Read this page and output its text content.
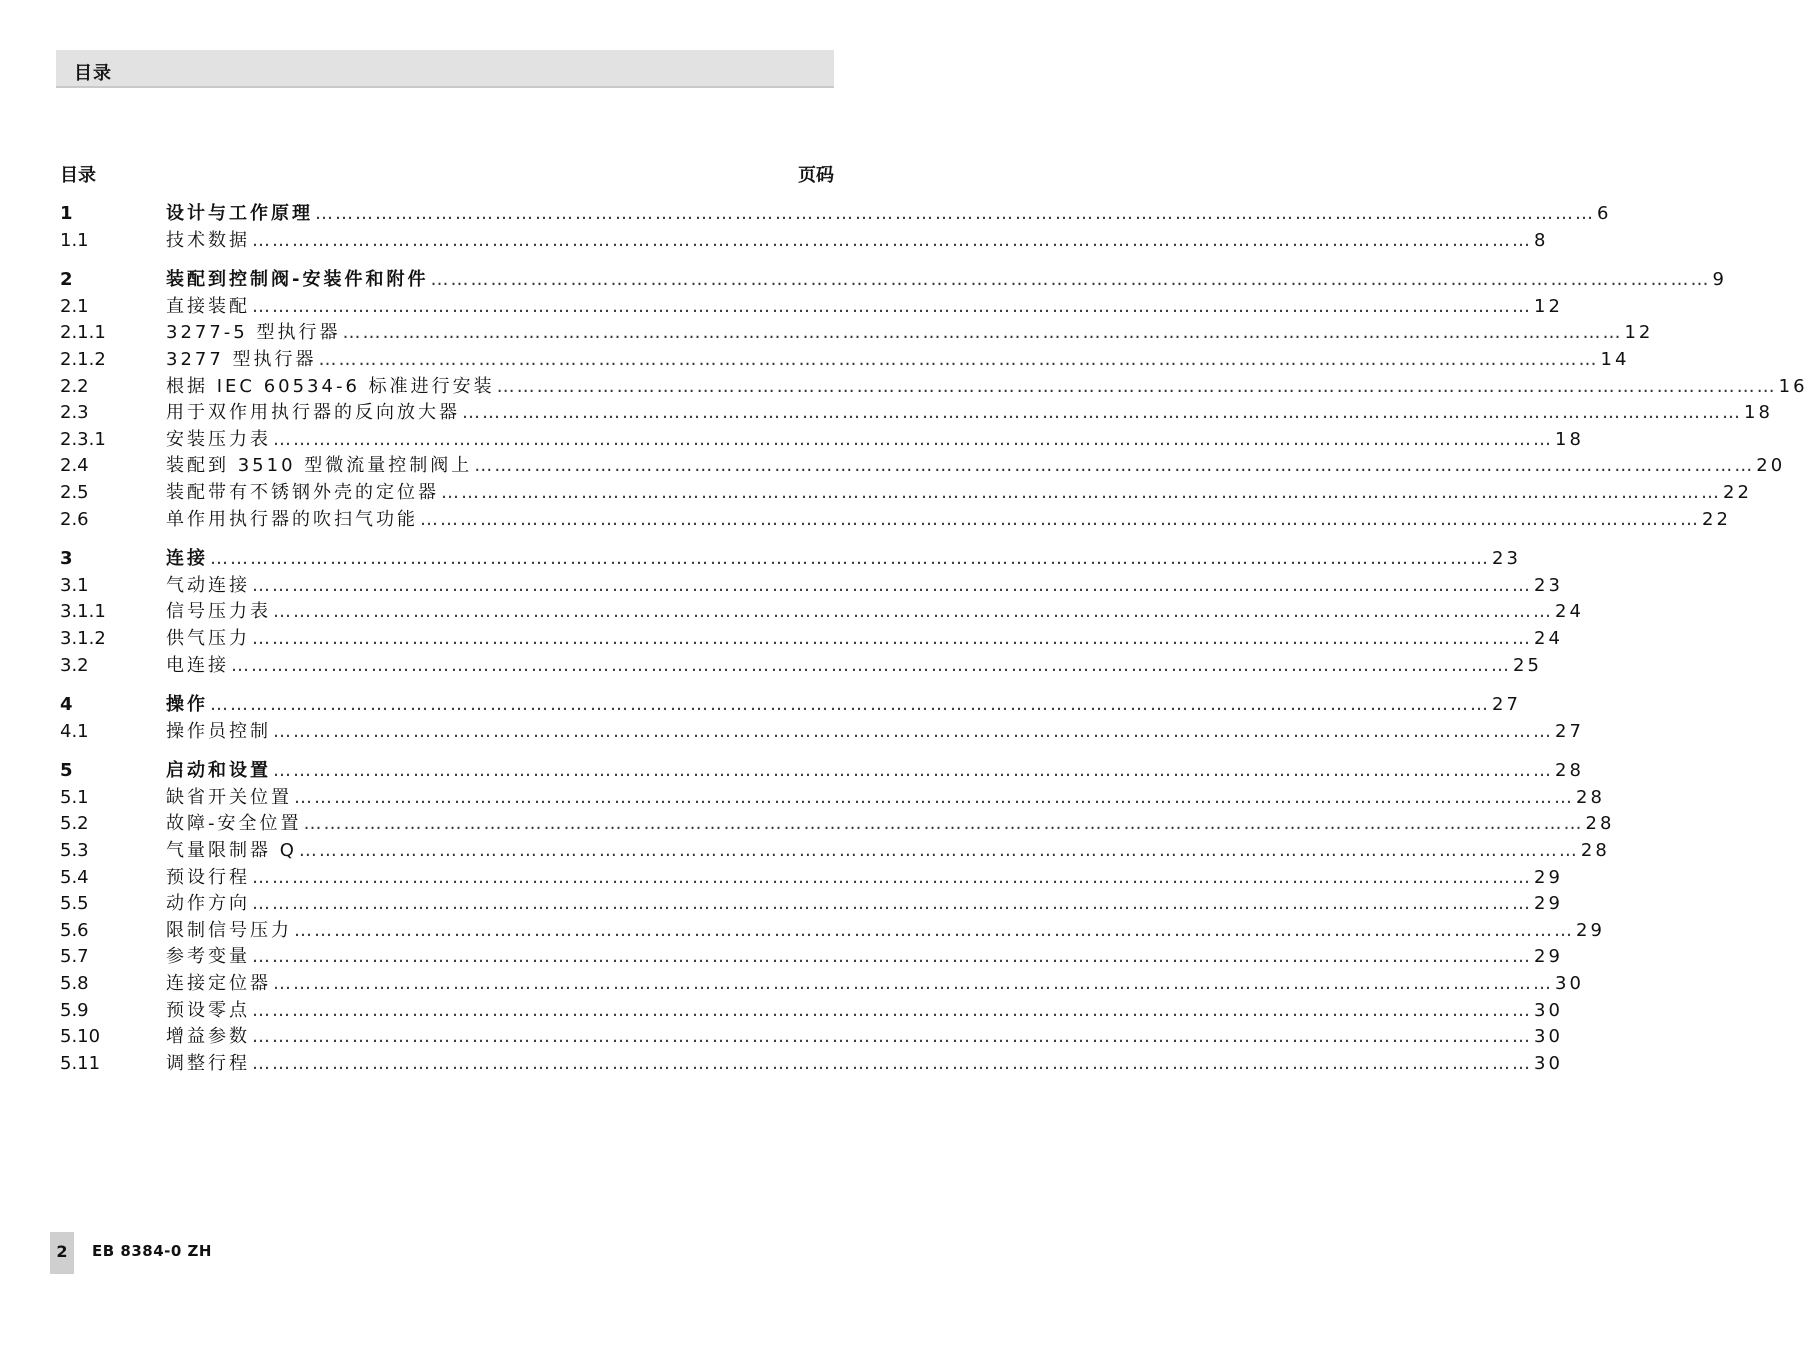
目录
目录	页码
1	设计与工作原理 …………………………………………………………………………………………………………………………………………………………………………	6
1.1	技术数据 …………………………………………………………………………………………………………………………………………………………………………	8
2	装配到控制阀-安装件和附件 …………………………………………………………………………………………………………………………………………………………………………	9
2.1	直接装配 …………………………………………………………………………………………………………………………………………………………………………	12
2.1.1	3277-5 型执行器 …………………………………………………………………………………………………………………………………………………………………………	12
2.1.2	3277 型执行器 …………………………………………………………………………………………………………………………………………………………………………	14
2.2	根据 IEC 60534-6 标准进行安装 …………………………………………………………………………………………………………………………………………………………………………	16
2.3	用于双作用执行器的反向放大器 …………………………………………………………………………………………………………………………………………………………………………	18
2.3.1	安装压力表 …………………………………………………………………………………………………………………………………………………………………………	18
2.4	装配到 3510 型微流量控制阀上 …………………………………………………………………………………………………………………………………………………………………………	20
2.5	装配带有不锈钢外壳的定位器 …………………………………………………………………………………………………………………………………………………………………………	22
2.6	单作用执行器的吹扫气功能 …………………………………………………………………………………………………………………………………………………………………………	22
3	连接 …………………………………………………………………………………………………………………………………………………………………………	23
3.1	气动连接 …………………………………………………………………………………………………………………………………………………………………………	23
3.1.1	信号压力表 …………………………………………………………………………………………………………………………………………………………………………	24
3.1.2	供气压力 …………………………………………………………………………………………………………………………………………………………………………	24
3.2	电连接 …………………………………………………………………………………………………………………………………………………………………………	25
4	操作 …………………………………………………………………………………………………………………………………………………………………………	27
4.1	操作员控制 …………………………………………………………………………………………………………………………………………………………………………	27
5	启动和设置 …………………………………………………………………………………………………………………………………………………………………………	28
5.1	缺省开关位置 …………………………………………………………………………………………………………………………………………………………………………	28
5.2	故障-安全位置 …………………………………………………………………………………………………………………………………………………………………………	28
5.3	气量限制器 Q …………………………………………………………………………………………………………………………………………………………………………	28
5.4	预设行程 …………………………………………………………………………………………………………………………………………………………………………	29
5.5	动作方向 …………………………………………………………………………………………………………………………………………………………………………	29
5.6	限制信号压力 …………………………………………………………………………………………………………………………………………………………………………	29
5.7	参考变量 …………………………………………………………………………………………………………………………………………………………………………	29
5.8	连接定位器 …………………………………………………………………………………………………………………………………………………………………………	30
5.9	预设零点 …………………………………………………………………………………………………………………………………………………………………………	30
5.10	增益参数 …………………………………………………………………………………………………………………………………………………………………………	30
5.11	调整行程 …………………………………………………………………………………………………………………………………………………………………………	30
2	EB 8384-0 ZH
